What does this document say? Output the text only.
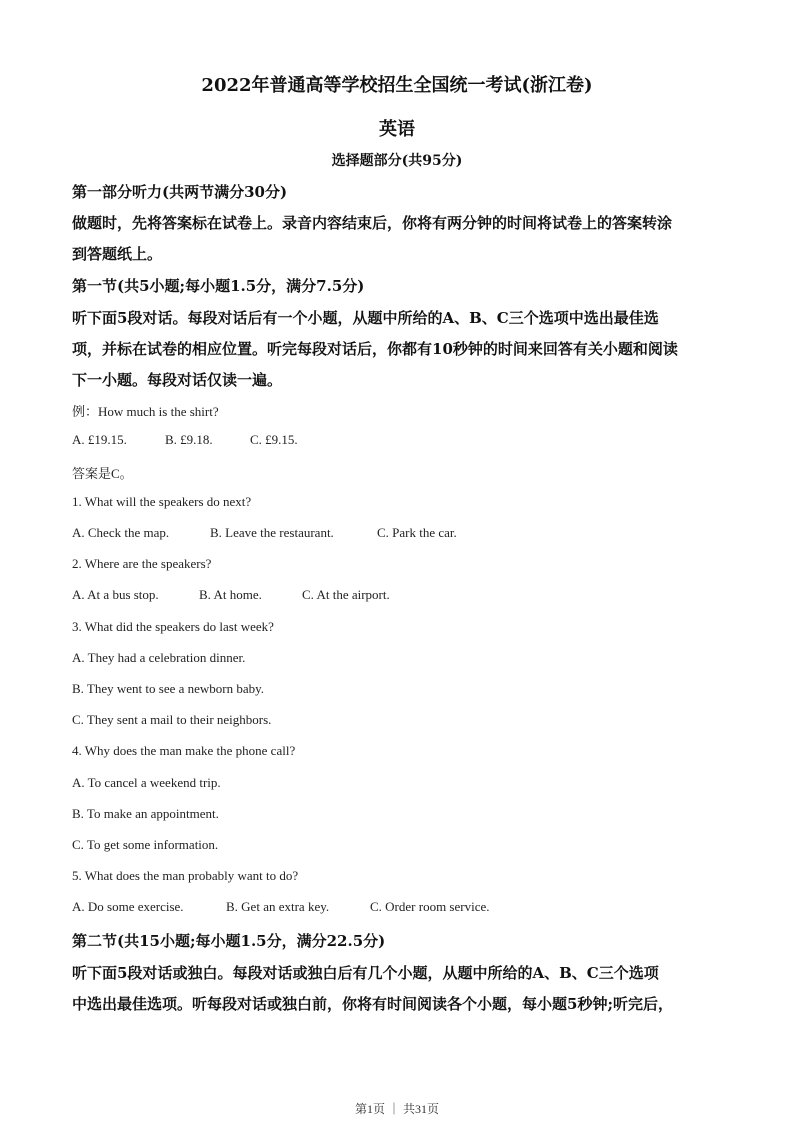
2022年普通高等学校招生全国统一考试(浙江卷)
英语
选择题部分(共95分)
第一部分听力(共两节满分30分)
做题时，先将答案标在试卷上。录音内容结束后，你将有两分钟的时间将试卷上的答案转涂
到答题纸上。
第一节(共5小题;每小题1.5分，满分7.5分)
听下面5段对话。每段对话后有一个小题，从题中所给的A、B、C三个选项中选出最佳选
项，并标在试卷的相应位置。听完每段对话后，你都有10秒钟的时间来回答有关小题和阅读
下一小题。每段对话仅读一遍。
例：How much is the shirt?
A. £19.15.	B. £9.18.	C. £9.15.
答案是C。
1. What will the speakers do next?
A. Check the map.	B. Leave the restaurant.	C. Park the car.
2. Where are the speakers?
A. At a bus stop.	B. At home.	C. At the airport.
3. What did the speakers do last week?
A. They had a celebration dinner.
B. They went to see a newborn baby.
C. They sent a mail to their neighbors.
4. Why does the man make the phone call?
A. To cancel a weekend trip.
B. To make an appointment.
C. To get some information.
5. What does the man probably want to do?
A. Do some exercise.	B. Get an extra key.	C. Order room service.
第二节(共15小题;每小题1.5分，满分22.5分)
听下面5段对话或独白。每段对话或独白后有几个小题，从题中所给的A、B、C三个选项
中选出最佳选项。听每段对话或独白前，你将有时间阅读各个小题，每小题5秒钟;听完后，
第1页 ｜ 共31页
